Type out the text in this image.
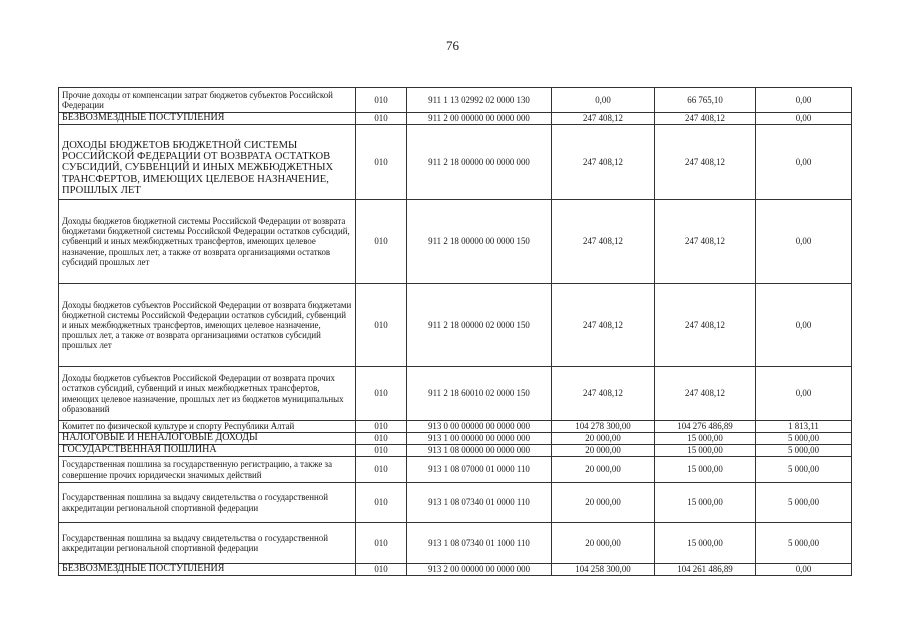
76
Прочие доходы от компенсации затрат бюджетов субъектов Российской Федерации	010	911 1 13 02992 02 0000 130	0,00	66 765,10	0,00
БЕЗВОЗМЕЗДНЫЕ ПОСТУПЛЕНИЯ	010	911 2 00 00000 00 0000 000	247 408,12	247 408,12	0,00
ДОХОДЫ БЮДЖЕТОВ БЮДЖЕТНОЙ СИСТЕМЫ РОССИЙСКОЙ ФЕДЕРАЦИИ ОТ ВОЗВРАТА ОСТАТКОВ СУБСИДИЙ, СУБВЕНЦИЙ И ИНЫХ МЕЖБЮДЖЕТНЫХ ТРАНСФЕРТОВ, ИМЕЮЩИХ ЦЕЛЕВОЕ НАЗНАЧЕНИЕ, ПРОШЛЫХ ЛЕТ	010	911 2 18 00000 00 0000 000	247 408,12	247 408,12	0,00
Доходы бюджетов бюджетной системы Российской Федерации от возврата бюджетами бюджетной системы Российской Федерации остатков субсидий, субвенций и иных межбюджетных трансфертов, имеющих целевое назначение, прошлых лет, а также от возврата организациями остатков субсидий прошлых лет	010	911 2 18 00000 00 0000 150	247 408,12	247 408,12	0,00
Доходы бюджетов субъектов Российской Федерации от возврата бюджетами бюджетной системы Российской Федерации остатков субсидий, субвенций и иных межбюджетных трансфертов, имеющих целевое назначение, прошлых лет, а также от возврата организациями остатков субсидий прошлых лет	010	911 2 18 00000 02 0000 150	247 408,12	247 408,12	0,00
Доходы бюджетов субъектов Российской Федерации от возврата прочих остатков субсидий, субвенций и иных межбюджетных трансфертов, имеющих целевое назначение, прошлых лет из бюджетов муниципальных образований	010	911 2 18 60010 02 0000 150	247 408,12	247 408,12	0,00
Комитет по физической культуре и спорту Республики Алтай	010	913 0 00 00000 00 0000 000	104 278 300,00	104 276 486,89	1 813,11
НАЛОГОВЫЕ И НЕНАЛОГОВЫЕ ДОХОДЫ	010	913 1 00 00000 00 0000 000	20 000,00	15 000,00	5 000,00
ГОСУДАРСТВЕННАЯ ПОШЛИНА	010	913 1 08 00000 00 0000 000	20 000,00	15 000,00	5 000,00
Государственная пошлина за государственную регистрацию, а также за совершение прочих юридически значимых действий	010	913 1 08 07000 01 0000 110	20 000,00	15 000,00	5 000,00
Государственная пошлина за выдачу свидетельства о государственной аккредитации региональной спортивной федерации	010	913 1 08 07340 01 0000 110	20 000,00	15 000,00	5 000,00
Государственная пошлина за выдачу свидетельства о государственной аккредитации региональной спортивной федерации	010	913 1 08 07340 01 1000 110	20 000,00	15 000,00	5 000,00
БЕЗВОЗМЕЗДНЫЕ ПОСТУПЛЕНИЯ	010	913 2 00 00000 00 0000 000	104 258 300,00	104 261 486,89	0,00
